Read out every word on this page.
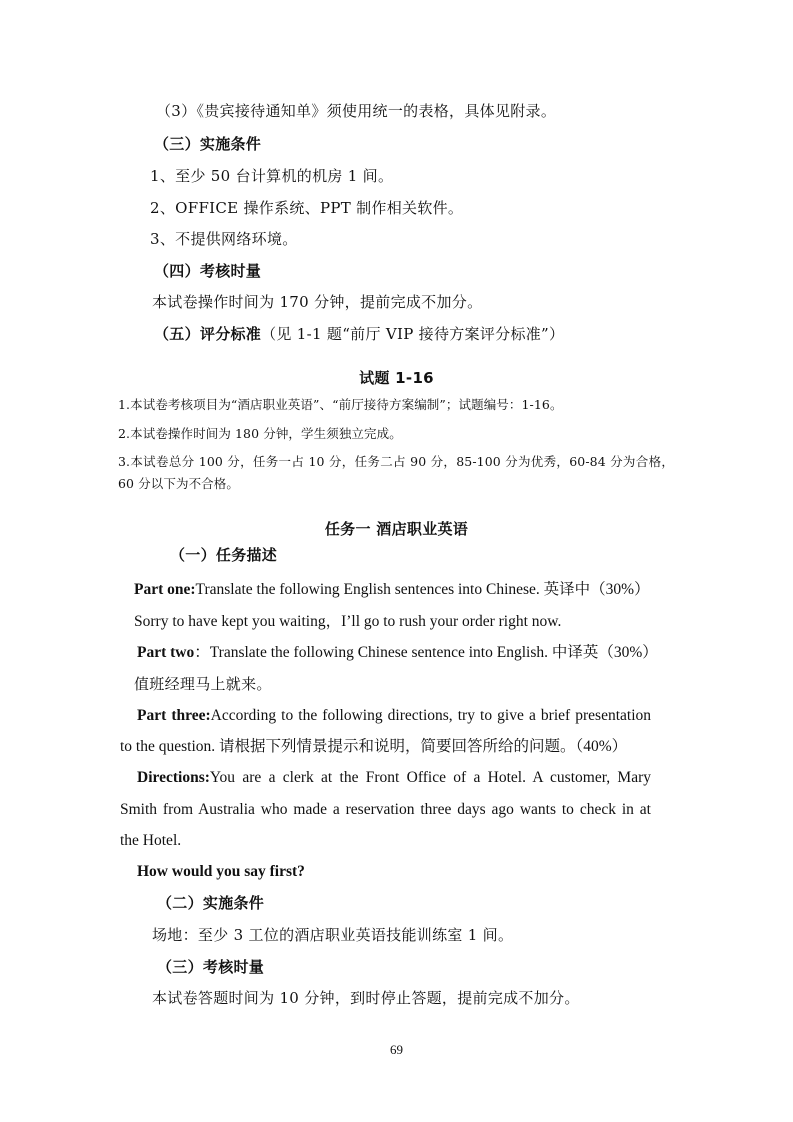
（3）《贵宾接待通知单》须使用统一的表格，具体见附录。

（三）实施条件

1、至少 50 台计算机的机房 1 间。

2、OFFICE 操作系统、PPT 制作相关软件。

3、不提供网络环境。

（四）考核时量

本试卷操作时间为 170 分钟，提前完成不加分。

（五）评分标准（见 1-1 题“前厅 VIP 接待方案评分标准”）

试题 1-16

1.本试卷考核项目为“酒店职业英语”、“前厅接待方案编制”；试题编号：1-16。

2.本试卷操作时间为 180 分钟，学生须独立完成。

3.本试卷总分 100 分，任务一占 10 分，任务二占 90 分，85-100 分为优秀，60-84 分为合格，

60 分以下为不合格。

任务一 酒店职业英语

（一）任务描述

Part one:Translate the following English sentences into Chinese. 英译中（30%）

Sorry to have kept you waiting，I’ll go to rush your order right now.

Part two：Translate the following Chinese sentence into English. 中译英（30%）

值班经理马上就来。

Part three:According to the following directions, try to give a brief presentation

to the question. 请根据下列情景提示和说明，简要回答所给的问题。（40%）

Directions:You are a clerk at the Front Office of a Hotel. A customer, Mary

Smith from Australia who made a reservation three days ago wants to check in at

the Hotel.

How would you say first?

（二）实施条件

场地：至少 3 工位的酒店职业英语技能训练室 1 间。

（三）考核时量

本试卷答题时间为 10 分钟，到时停止答题，提前完成不加分。

69
